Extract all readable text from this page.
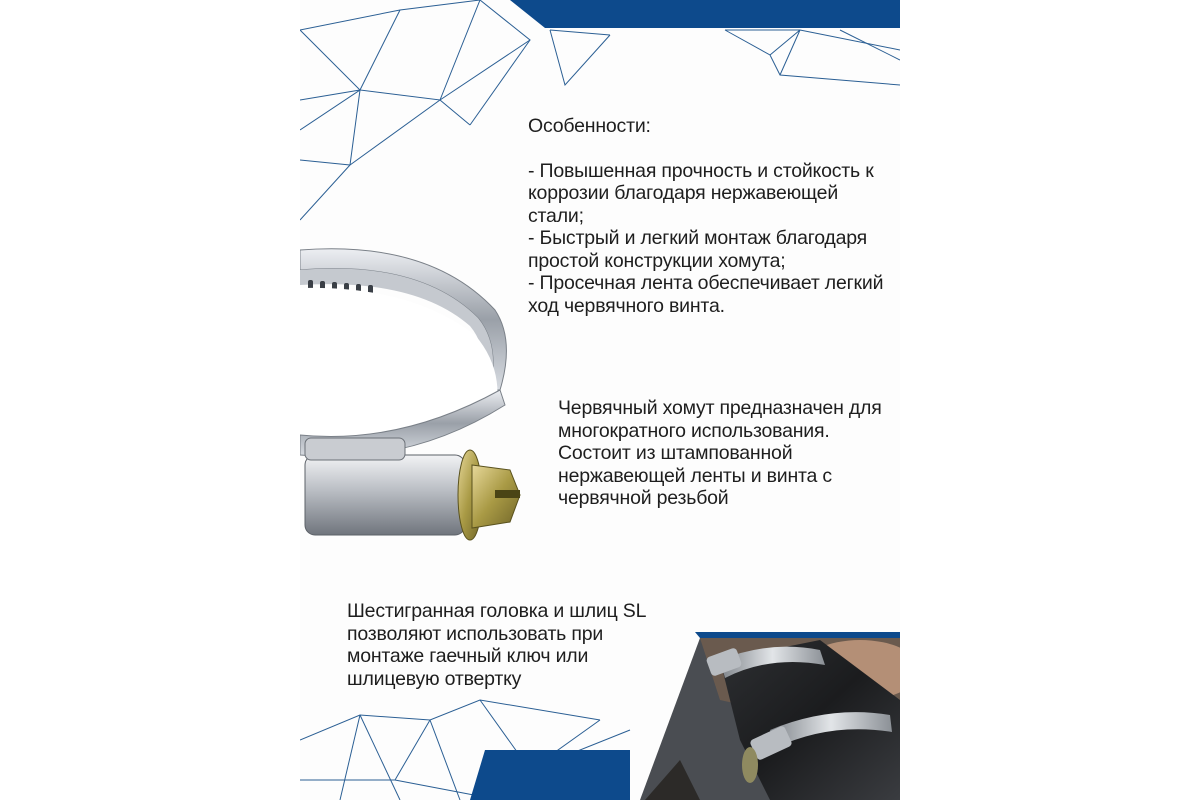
Особенности:
- Повышенная прочность и стойкость к
коррозии благодаря нержавеющей
стали;
- Быстрый и легкий монтаж благодаря
простой конструкции хомута;
- Просечная лента обеспечивает легкий
ход червячного винта.
Червячный хомут предназначен для
многократного использования.
Состоит из штампованной
нержавеющей ленты и винта с
червячной резьбой
Шестигранная головка и шлиц SL
позволяют использовать при
монтаже гаечный ключ или
шлицевую отвертку
